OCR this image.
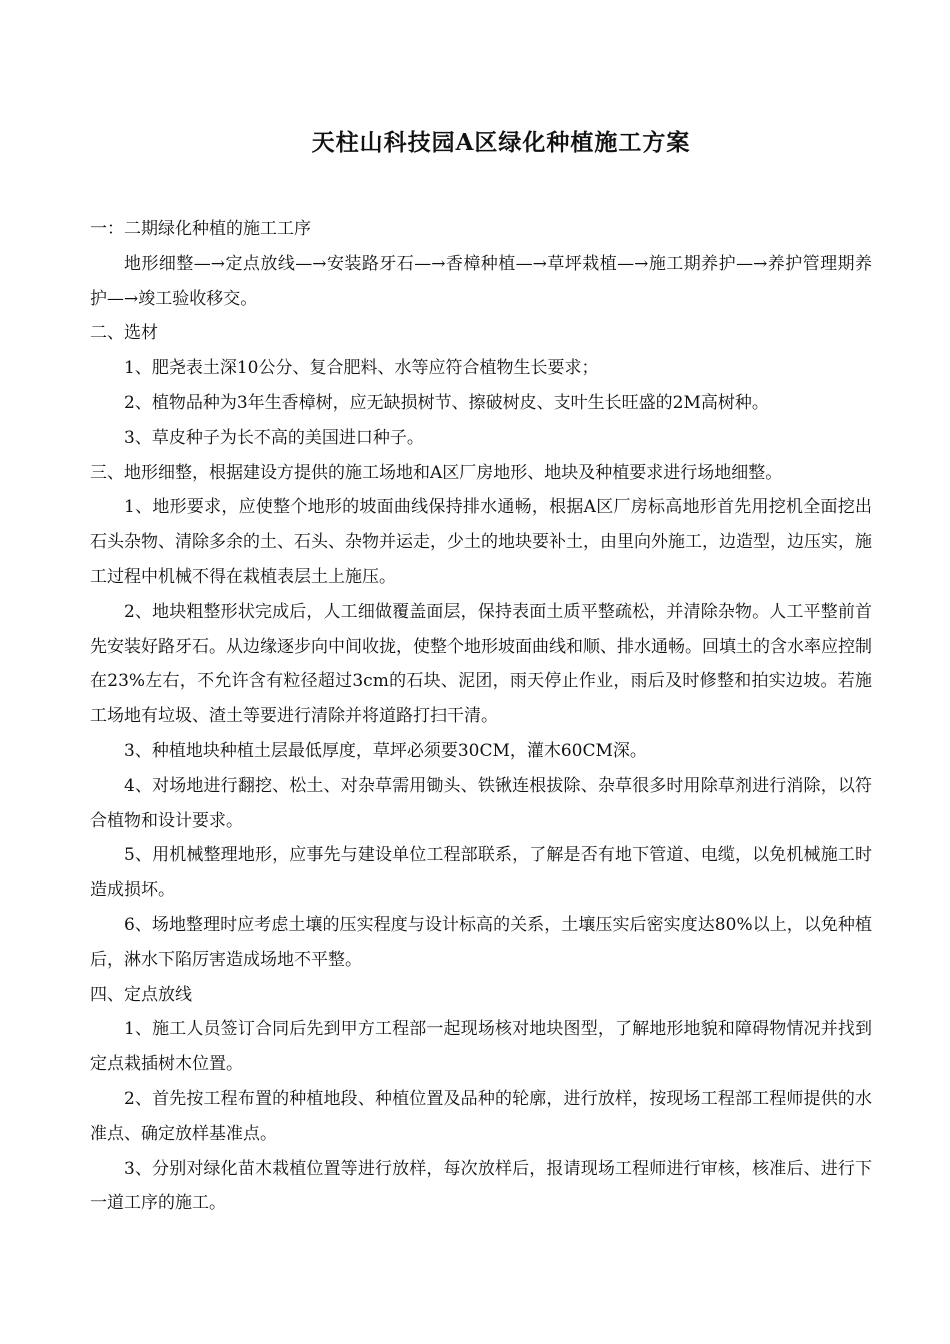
天柱山科技园A区绿化种植施工方案

一：二期绿化种植的施工工序

地形细整—→定点放线—→安装路牙石—→香樟种植—→草坪栽植—→施工期养护—→养护管理期养护—→竣工验收移交。

二、选材

1、肥尧表土深10公分、复合肥料、水等应符合植物生长要求；

2、植物品种为3年生香樟树，应无缺损树节、擦破树皮、支叶生长旺盛的2M高树种。

3、草皮种子为长不高的美国进口种子。

三、地形细整，根据建设方提供的施工场地和A区厂房地形、地块及种植要求进行场地细整。

1、地形要求，应使整个地形的坡面曲线保持排水通畅，根据A区厂房标高地形首先用挖机全面挖出石头杂物、清除多余的土、石头、杂物并运走，少土的地块要补土，由里向外施工，边造型，边压实，施工过程中机械不得在栽植表层土上施压。

2、地块粗整形状完成后，人工细做覆盖面层，保持表面土质平整疏松，并清除杂物。人工平整前首先安装好路牙石。从边缘逐步向中间收拢，使整个地形坡面曲线和顺、排水通畅。回填土的含水率应控制在23%左右，不允许含有粒径超过3cm的石块、泥团，雨天停止作业，雨后及时修整和拍实边坡。若施工场地有垃圾、渣土等要进行清除并将道路打扫干清。

3、种植地块种植土层最低厚度，草坪必须要30CM，灌木60CM深。

4、对场地进行翻挖、松土、对杂草需用锄头、铁锹连根拔除、杂草很多时用除草剂进行消除，以符合植物和设计要求。

5、用机械整理地形，应事先与建设单位工程部联系，了解是否有地下管道、电缆，以免机械施工时造成损坏。

6、场地整理时应考虑土壤的压实程度与设计标高的关系，土壤压实后密实度达80%以上，以免种植后，淋水下陷厉害造成场地不平整。

四、定点放线

1、施工人员签订合同后先到甲方工程部一起现场核对地块图型，了解地形地貌和障碍物情况并找到定点栽插树木位置。

2、首先按工程布置的种植地段、种植位置及品种的轮廓，进行放样，按现场工程部工程师提供的水准点、确定放样基准点。

3、分别对绿化苗木栽植位置等进行放样，每次放样后，报请现场工程师进行审核，核准后、进行下一道工序的施工。
